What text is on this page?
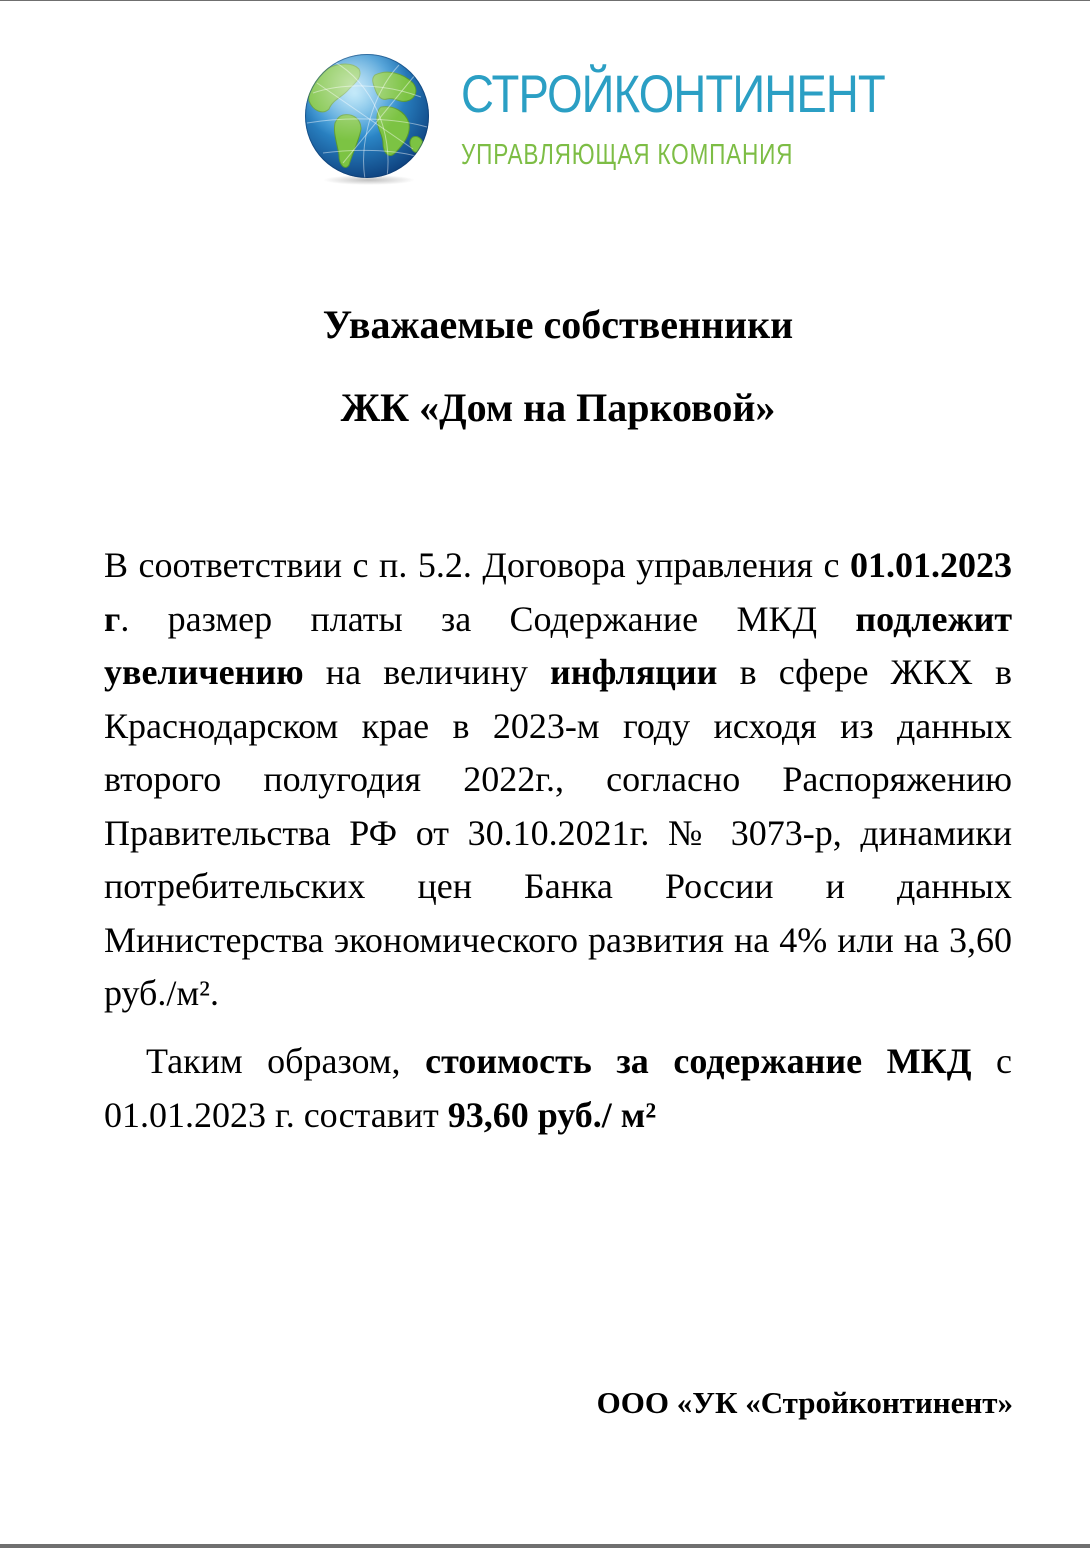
СТРОЙКОНТИНЕНТ
УПРАВЛЯЮЩАЯ КОМПАНИЯ
Уважаемые собственники
ЖК «Дом на Парковой»
В соответствии с п. 5.2. Договора управления с 01.01.2023 г. размер платы за Содержание МКД подлежит увеличению на величину инфляции в сфере ЖКХ в Краснодарском крае в 2023-м году исходя из данных второго полугодия 2022г., согласно Распоряжению Правительства РФ от 30.10.2021г. № 3073-р, динамики потребительских цен Банка России и данных Министерства экономического развития на 4% или на 3,60 руб./м².
Таким образом, стоимость за содержание МКД с 01.01.2023 г. составит 93,60 руб./ м²
ООО «УК «Стройконтинент»
